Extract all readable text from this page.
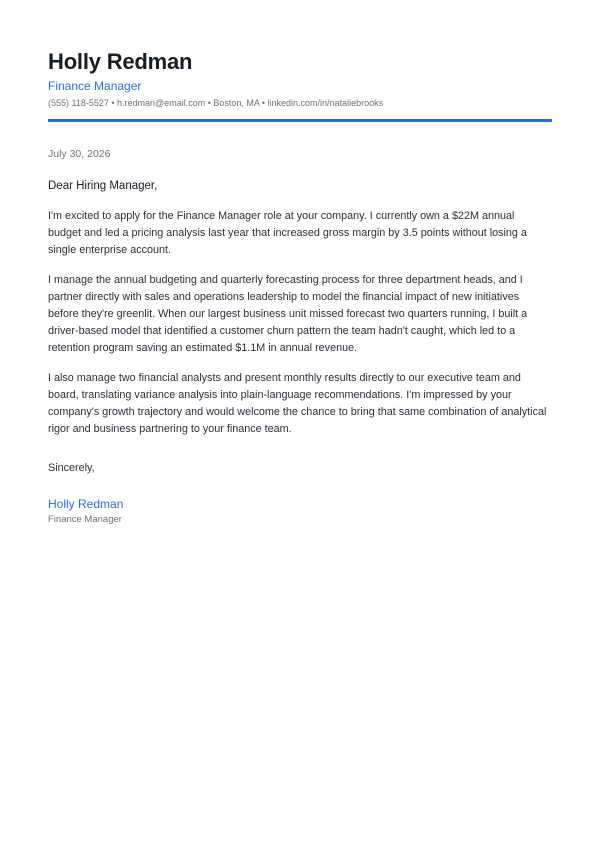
Holly Redman
Finance Manager
(555) 118-5527 • h.redman@email.com • Boston, MA • linkedin.com/in/nataliebrooks
July 30, 2026
Dear Hiring Manager,
I'm excited to apply for the Finance Manager role at your company. I currently own a $22M annual budget and led a pricing analysis last year that increased gross margin by 3.5 points without losing a single enterprise account.
I manage the annual budgeting and quarterly forecasting process for three department heads, and I partner directly with sales and operations leadership to model the financial impact of new initiatives before they're greenlit. When our largest business unit missed forecast two quarters running, I built a driver-based model that identified a customer churn pattern the team hadn't caught, which led to a retention program saving an estimated $1.1M in annual revenue.
I also manage two financial analysts and present monthly results directly to our executive team and board, translating variance analysis into plain-language recommendations. I'm impressed by your company's growth trajectory and would welcome the chance to bring that same combination of analytical rigor and business partnering to your finance team.
Sincerely,
Holly Redman
Finance Manager
